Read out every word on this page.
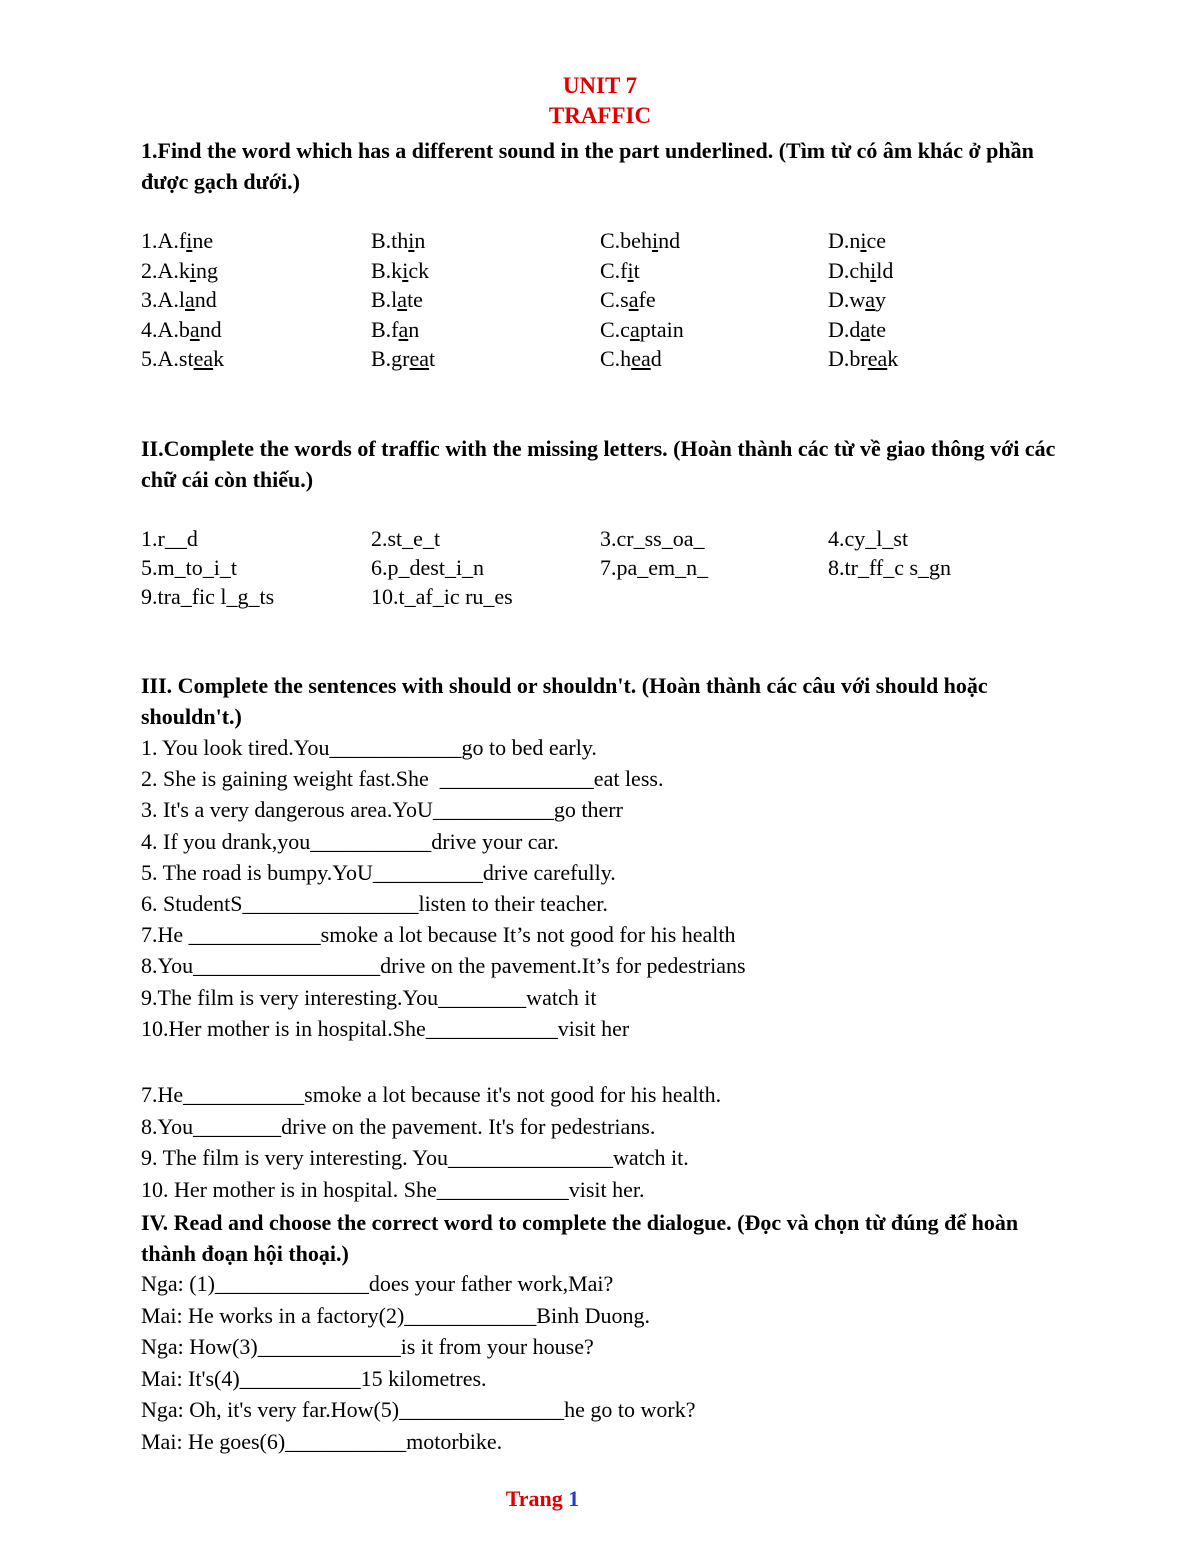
UNIT 7
TRAFFIC
1.Find the word which has a different sound in the part underlined. (Tìm từ có âm khác ở phần được gạch dưới.)
1.A.fine	B.thin	C.behind	D.nice
2.A.king	B.kick	C.fit	D.child
3.A.land	B.late	C.safe	D.way
4.A.band	B.fan	C.captain	D.date
5.A.steak	B.great	C.head	D.break
II.Complete the words of traffic with the missing letters. (Hoàn thành các từ về giao thông với các chữ cái còn thiếu.)
1.r__d	2.st_e_t	3.cr_ss_oa_	4.cy_l_st
5.m_to_i_t	6.p_dest_i_n	7.pa_em_n_	8.tr_ff_c s_gn
9.tra_fic l_g_ts	10.t_af_ic ru_es
III. Complete the sentences with should or shouldn't. (Hoàn thành các câu với should hoặc shouldn't.)
1. You look tired.You____________go to bed early.
2. She is gaining weight fast.She  ______________eat less.
3. It's a very dangerous area.YoU___________go therr
4. If you drank,you___________drive your car.
5. The road is bumpy.YoU__________drive carefully.
6. StudentS________________listen to their teacher.
7.He ____________smoke a lot because It’s not good for his health
8.You_________________drive on the pavement.It’s for pedestrians
9.The film is very interesting.You________watch it
10.Her mother is in hospital.She____________visit her
7.He___________smoke a lot because it's not good for his health.
8.You________drive on the pavement. It's for pedestrians.
9. The film is very interesting. You_______________watch it.
10. Her mother is in hospital. She____________visit her.
IV. Read and choose the correct word to complete the dialogue. (Đọc và chọn từ đúng để hoàn thành đoạn hội thoại.)
Nga: (1)______________does your father work,Mai?
Mai: He works in a factory(2)____________Binh Duong.
Nga: How(3)_____________is it from your house?
Mai: It's(4)___________15 kilometres.
Nga: Oh, it's very far.How(5)_______________he go to work?
Mai: He goes(6)___________motorbike.
Trang 1
